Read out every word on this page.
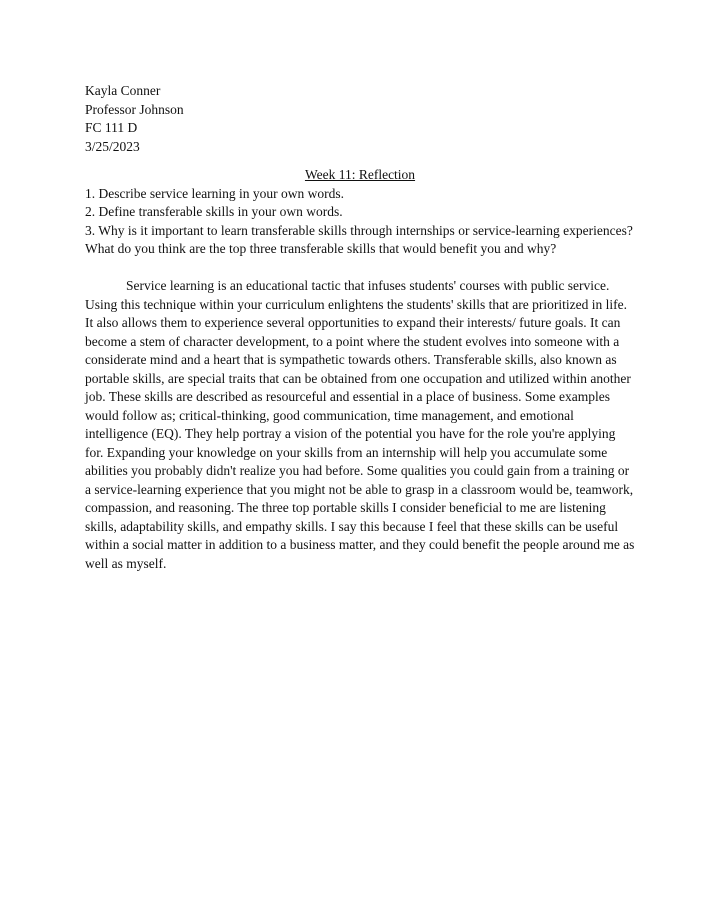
Kayla Conner
Professor Johnson
FC 111 D
3/25/2023
Week 11: Reflection
1. Describe service learning in your own words.
2. Define transferable skills in your own words.
3. Why is it important to learn transferable skills through internships or service-learning experiences? What do you think are the top three transferable skills that would benefit you and why?

Service learning is an educational tactic that infuses students' courses with public service. Using this technique within your curriculum enlightens the students' skills that are prioritized in life. It also allows them to experience several opportunities to expand their interests/ future goals. It can become a stem of character development, to a point where the student evolves into someone with a considerate mind and a heart that is sympathetic towards others. Transferable skills, also known as portable skills, are special traits that can be obtained from one occupation and utilized within another job. These skills are described as resourceful and essential in a place of business. Some examples would follow as; critical-thinking, good communication, time management, and emotional intelligence (EQ). They help portray a vision of the potential you have for the role you're applying for. Expanding your knowledge on your skills from an internship will help you accumulate some abilities you probably didn't realize you had before. Some qualities you could gain from a training or a service-learning experience that you might not be able to grasp in a classroom would be, teamwork, compassion, and reasoning. The three top portable skills I consider beneficial to me are listening skills, adaptability skills, and empathy skills. I say this because I feel that these skills can be useful within a social matter in addition to a business matter, and they could benefit the people around me as well as myself.
